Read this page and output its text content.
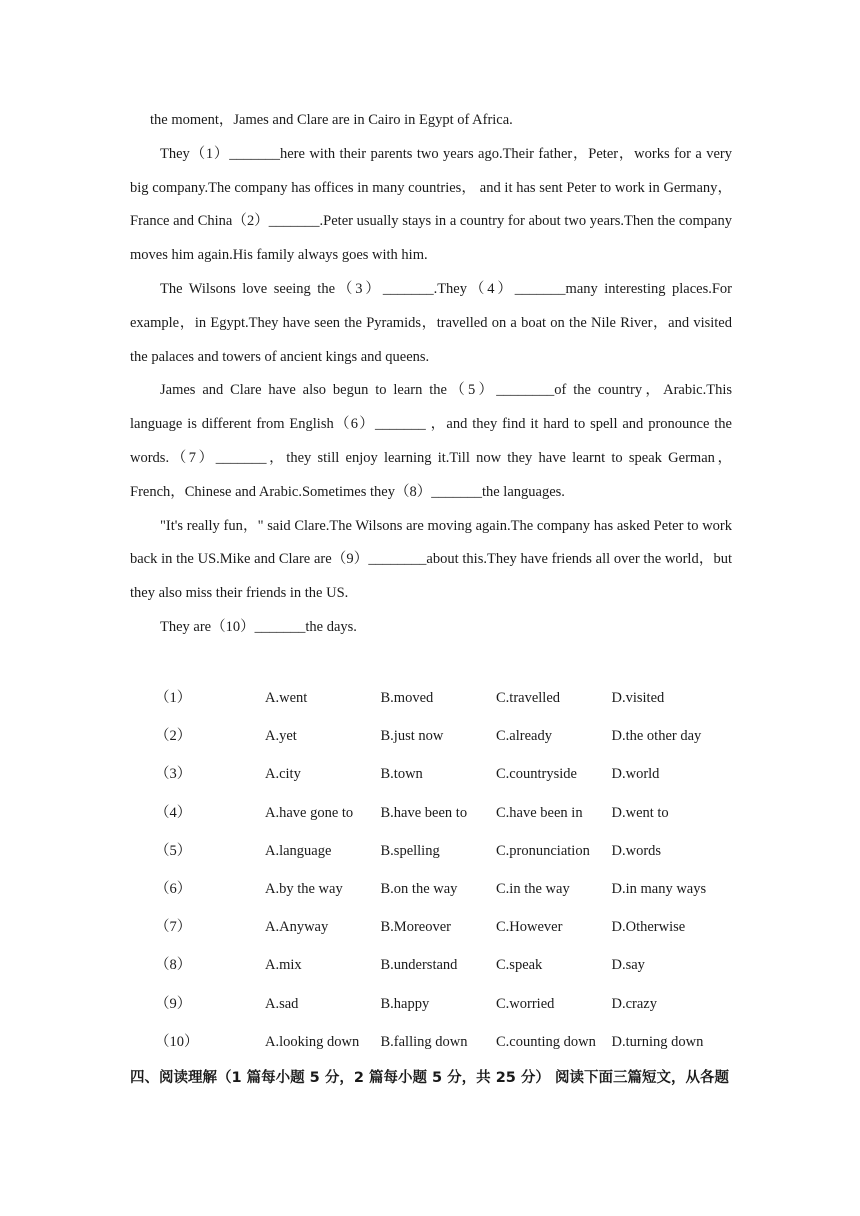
the moment，James and Clare are in Cairo in Egypt of Africa.

They（1）_______here with their parents two years ago.Their father，Peter，works for a very big company.The company has offices in many countries， and it has sent Peter to work in Germany，France and China（2）_______.Peter usually stays in a country for about two years.Then the company moves him again.His family always goes with him.

The Wilsons love seeing the（3）_______.They（4）_______many interesting places.For example，in Egypt.They have seen the Pyramids，travelled on a boat on the Nile River，and visited the palaces and towers of ancient kings and queens.

James and Clare have also begun to learn the（5）________of the country，Arabic.This language is different from English（6）_______ ，and they find it hard to spell and pronounce the words.（7）_______，they still enjoy learning it.Till now they have learnt to speak German，French，Chinese and Arabic.Sometimes they（8）_______the languages.

"It's really fun，" said Clare.The Wilsons are moving again.The company has asked Peter to work back in the US.Mike and Clare are（9）________about this.They have friends all over the world，but they also miss their friends in the US.

They are（10）_______the days.

（1）	A.went	B.moved	C.travelled	D.visited
（2）	A.yet	B.just now	C.already	D.the other day
（3）	A.city	B.town	C.countryside	D.world
（4）	A.have gone to	B.have been to	C.have been in	D.went to
（5）	A.language	B.spelling	C.pronunciation	D.words
（6）	A.by the way	B.on the way	C.in the way	D.in many ways
（7）	A.Anyway	B.Moreover	C.However	D.Otherwise
（8）	A.mix	B.understand	C.speak	D.say
（9）	A.sad	B.happy	C.worried	D.crazy
（10）	A.looking down	B.falling down	C.counting down	D.turning down
四、阅读理解（1 篇每小题 5 分，2 篇每小题 5 分，共 25 分） 阅读下面三篇短文，从各题
